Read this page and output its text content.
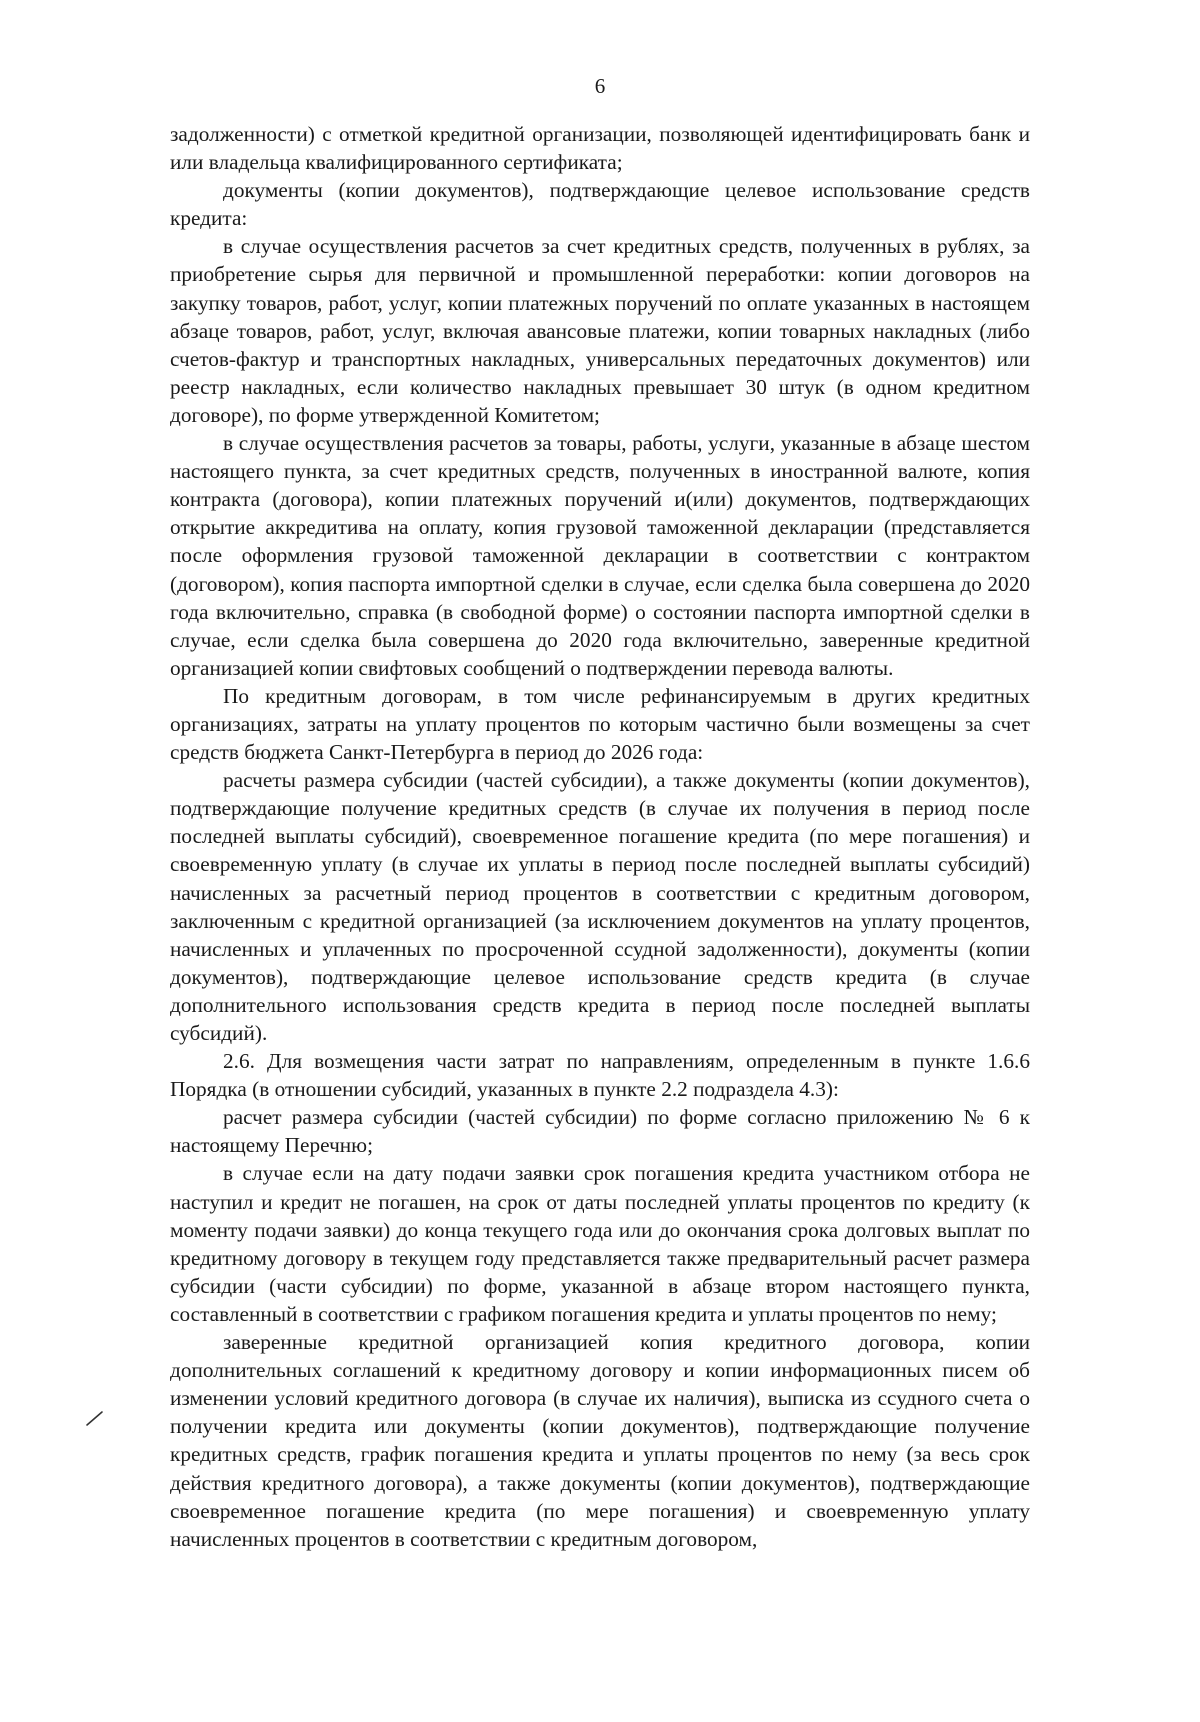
6

задолженности) с отметкой кредитной организации, позволяющей идентифицировать банк и или владельца квалифицированного сертификата;

документы (копии документов), подтверждающие целевое использование средств кредита:

в случае осуществления расчетов за счет кредитных средств, полученных в рублях, за приобретение сырья для первичной и промышленной переработки: копии договоров на закупку товаров, работ, услуг, копии платежных поручений по оплате указанных в настоящем абзаце товаров, работ, услуг, включая авансовые платежи, копии товарных накладных (либо счетов-фактур и транспортных накладных, универсальных передаточных документов) или реестр накладных, если количество накладных превышает 30 штук (в одном кредитном договоре), по форме утвержденной Комитетом;

в случае осуществления расчетов за товары, работы, услуги, указанные в абзаце шестом настоящего пункта, за счет кредитных средств, полученных в иностранной валюте, копия контракта (договора), копии платежных поручений и(или) документов, подтверждающих открытие аккредитива на оплату, копия грузовой таможенной декларации (представляется после оформления грузовой таможенной декларации в соответствии с контрактом (договором), копия паспорта импортной сделки в случае, если сделка была совершена до 2020 года включительно, справка (в свободной форме) о состоянии паспорта импортной сделки в случае, если сделка была совершена до 2020 года включительно, заверенные кредитной организацией копии свифтовых сообщений о подтверждении перевода валюты.

По кредитным договорам, в том числе рефинансируемым в других кредитных организациях, затраты на уплату процентов по которым частично были возмещены за счет средств бюджета Санкт-Петербурга в период до 2026 года:

расчеты размера субсидии (частей субсидии), а также документы (копии документов), подтверждающие получение кредитных средств (в случае их получения в период после последней выплаты субсидий), своевременное погашение кредита (по мере погашения) и своевременную уплату (в случае их уплаты в период после последней выплаты субсидий) начисленных за расчетный период процентов в соответствии с кредитным договором, заключенным с кредитной организацией (за исключением документов на уплату процентов, начисленных и уплаченных по просроченной ссудной задолженности), документы (копии документов), подтверждающие целевое использование средств кредита (в случае дополнительного использования средств кредита в период после последней выплаты субсидий).

2.6. Для возмещения части затрат по направлениям, определенным в пункте 1.6.6 Порядка (в отношении субсидий, указанных в пункте 2.2 подраздела 4.3):

расчет размера субсидии (частей субсидии) по форме согласно приложению № 6 к настоящему Перечню;

в случае если на дату подачи заявки срок погашения кредита участником отбора не наступил и кредит не погашен, на срок от даты последней уплаты процентов по кредиту (к моменту подачи заявки) до конца текущего года или до окончания срока долговых выплат по кредитному договору в текущем году представляется также предварительный расчет размера субсидии (части субсидии) по форме, указанной в абзаце втором настоящего пункта, составленный в соответствии с графиком погашения кредита и уплаты процентов по нему;

заверенные кредитной организацией копия кредитного договора, копии дополнительных соглашений к кредитному договору и копии информационных писем об изменении условий кредитного договора (в случае их наличия), выписка из ссудного счета о получении кредита или документы (копии документов), подтверждающие получение кредитных средств, график погашения кредита и уплаты процентов по нему (за весь срок действия кредитного договора), а также документы (копии документов), подтверждающие своевременное погашение кредита (по мере погашения) и своевременную уплату начисленных процентов в соответствии с кредитным договором,
